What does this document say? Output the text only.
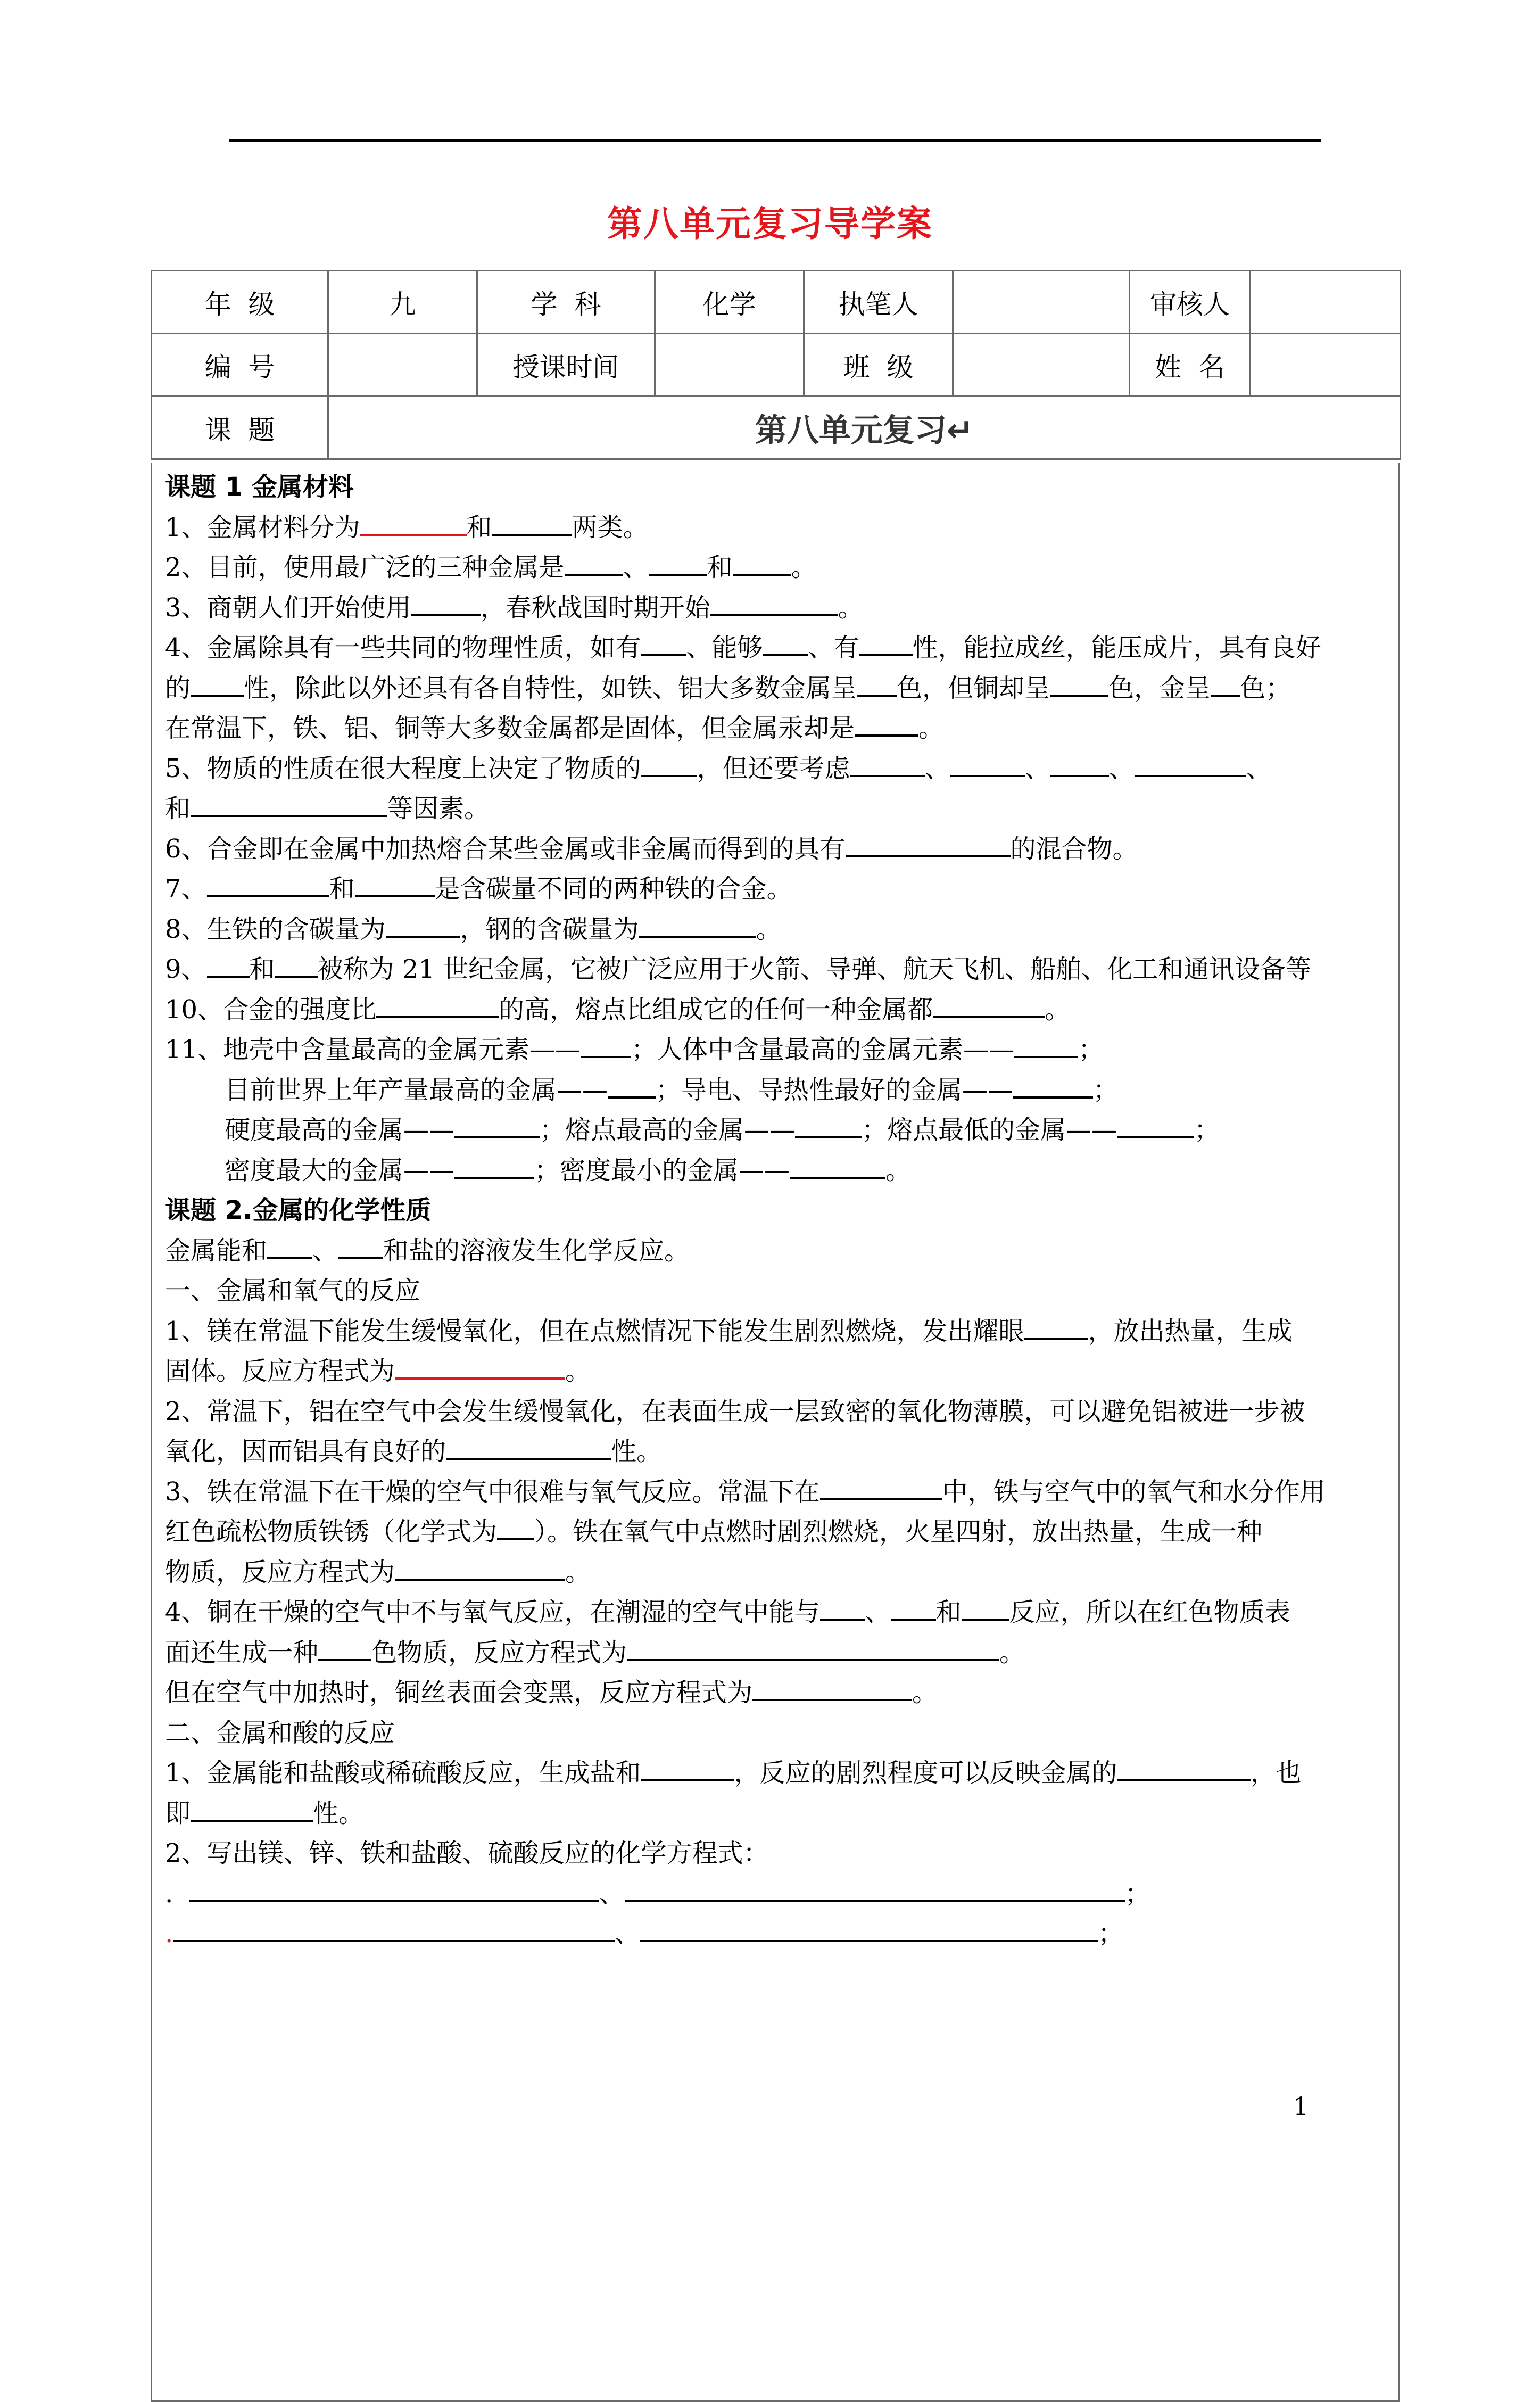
第八单元复习导学案
年  级	九	学  科	化学	执笔人		审核人	
编  号		授课时间		班  级		姓  名	
课  题	第八单元复习↵						
课题 1 金属材料
1、金属材料分为	和	两类。
2、目前，使用最广泛的三种金属是 、 和 。
3、商朝人们开始使用	，春秋战国时期开始	。
4、金属除具有一些共同的物理性质，如有 、能够 、有 性，能拉成丝，能压成片，具有良好
的 性，除此以外还具有各自特性，如铁、铝大多数金属呈 色，但铜却呈 色，金呈 色；
在常温下，铁、铝、铜等大多数金属都是固体，但金属汞却是	。
5、物质的性质在很大程度上决定了物质的 ，但还要考虑	、	、 、	、
和	等因素。
6、合金即在金属中加热熔合某些金属或非金属而得到的具有	的混合物。
7、	和	是含碳量不同的两种铁的合金。
8、生铁的含碳量为	，钢的含碳量为	。
9、 和 被称为 21 世纪金属，它被广泛应用于火箭、导弹、航天飞机、船舶、化工和通讯设备等
10、合金的强度比	的高，熔点比组成它的任何一种金属都	。
11、地壳中含量最高的金属元素—— ；人体中含量最高的金属元素——	；
目前世界上年产量最高的金属—— ；导电、导热性最好的金属——	；
硬度最高的金属——	；熔点最高的金属——	；熔点最低的金属——	；
密度最大的金属——	；密度最小的金属——	。
课题 2.金属的化学性质
金属能和 、 和盐的溶液发生化学反应。
一、金属和氧气的反应
1、镁在常温下能发生缓慢氧化，但在点燃情况下能发生剧烈燃烧，发出耀眼	，放出热量，生成
固体。反应方程式为	。
2、常温下，铝在空气中会发生缓慢氧化，在表面生成一层致密的氧化物薄膜，可以避免铝被进一步被
氧化，因而铝具有良好的	性。
3、铁在常温下在干燥的空气中很难与氧气反应。常温下在	中，铁与空气中的氧气和水分作用
红色疏松物质铁锈（化学式为 ）。铁在氧气中点燃时剧烈燃烧，火星四射，放出热量，生成一种
物质，反应方程式为	。
4、铜在干燥的空气中不与氧气反应，在潮湿的空气中能与 、 和 反应，所以在红色物质表
面还生成一种 色物质，反应方程式为	。
但在空气中加热时，铜丝表面会变黑，反应方程式为	。
二、金属和酸的反应
1、金属能和盐酸或稀硫酸反应，生成盐和	，反应的剧烈程度可以反映金属的	，也
即	性。
2、写出镁、锌、铁和盐酸、硫酸反应的化学方程式：
.	、	；
.	、	；
1
